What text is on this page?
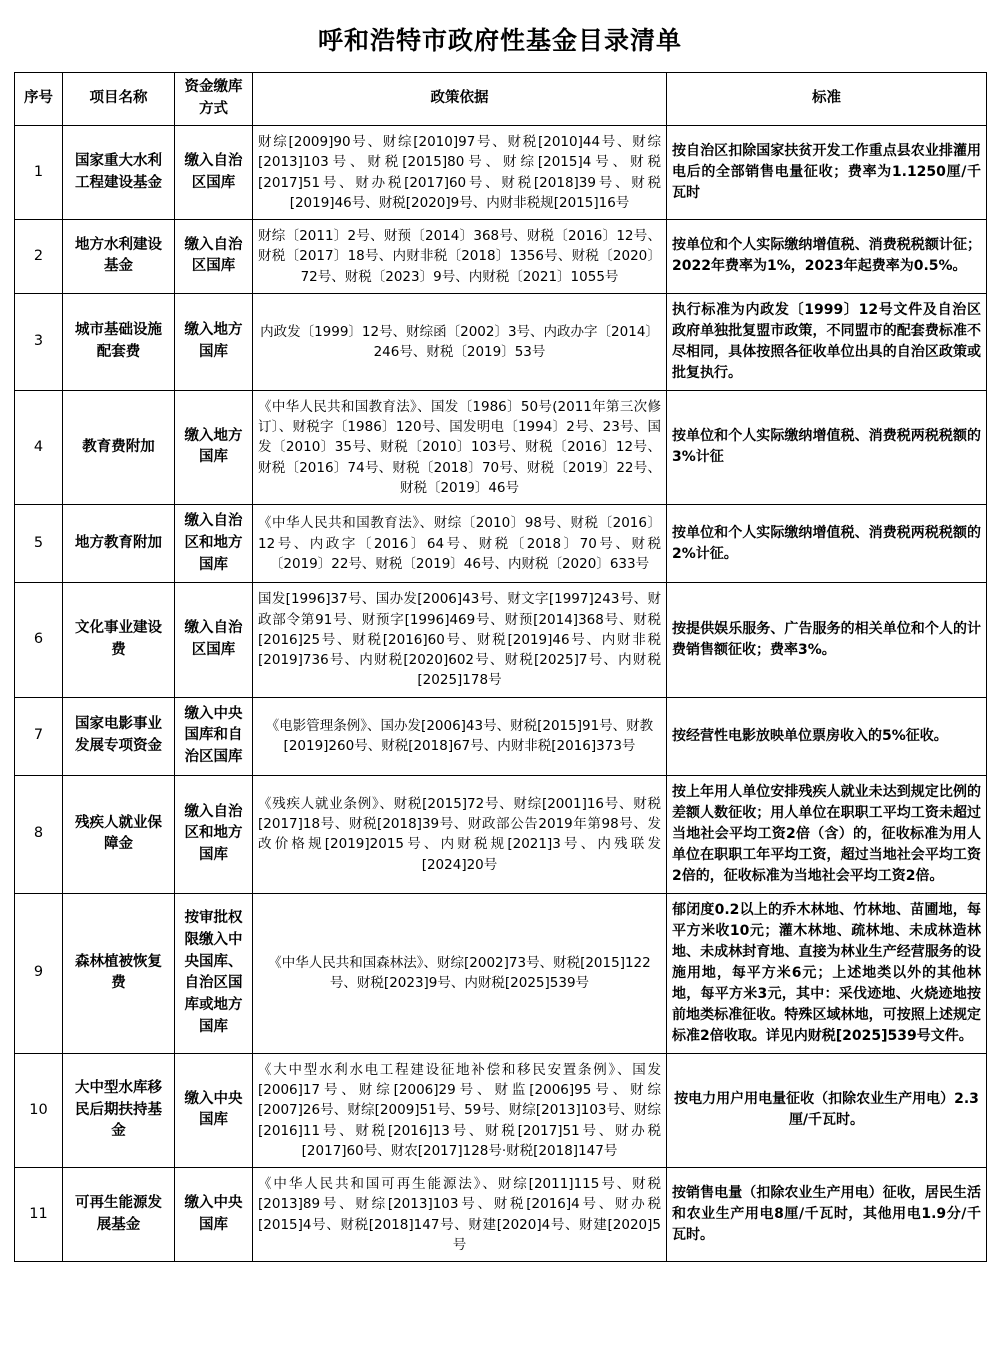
呼和浩特市政府性基金目录清单
序号	项目名称	资金缴库方式	政策依据	标准
1	国家重大水利工程建设基金	缴入自治区国库	财综[2009]90号、财综[2010]97号、财税[2010]44号、财综[2013]103号、财税[2015]80号、财综[2015]4号、财税[2017]51号、财办税[2017]60号、财税[2018]39号、财税[2019]46号、财税[2020]9号、内财非税规[2015]16号	按自治区扣除国家扶贫开发工作重点县农业排灌用电后的全部销售电量征收；费率为1.1250厘/千瓦时
2	地方水利建设基金	缴入自治区国库	财综〔2011〕2号、财预〔2014〕368号、财税〔2016〕12号、财税〔2017〕18号、内财非税〔2018〕1356号、财税〔2020〕72号、财税〔2023〕9号、内财税〔2021〕1055号	按单位和个人实际缴纳增值税、消费税税额计征；2022年费率为1%，2023年起费率为0.5%。
3	城市基础设施配套费	缴入地方国库	内政发〔1999〕12号、财综函〔2002〕3号、内政办字〔2014〕246号、财税〔2019〕53号	执行标准为内政发〔1999〕12号文件及自治区政府单独批复盟市政策，不同盟市的配套费标准不尽相同，具体按照各征收单位出具的自治区政策或批复执行。
4	教育费附加	缴入地方国库	《中华人民共和国教育法》、国发〔1986〕50号(2011年第三次修订〕、财税字〔1986〕120号、国发明电〔1994〕2号、23号、国发〔2010〕35号、财税〔2010〕103号、财税〔2016〕12号、财税〔2016〕74号、财税〔2018〕70号、财税〔2019〕22号、财税〔2019〕46号	按单位和个人实际缴纳增值税、消费税两税税额的3%计征
5	地方教育附加	缴入自治区和地方国库	《中华人民共和国教育法》、财综〔2010〕98号、财税〔2016〕12号、内政字〔2016〕64号、财税〔2018〕70号、财税〔2019〕22号、财税〔2019〕46号、内财税〔2020〕633号	按单位和个人实际缴纳增值税、消费税两税税额的2%计征。
6	文化事业建设费	缴入自治区国库	国发[1996]37号、国办发[2006]43号、财文字[1997]243号、财政部令第91号、财预字[1996]469号、财预[2014]368号、财税[2016]25号、财税[2016]60号、财税[2019]46号、内财非税[2019]736号、内财税[2020]602号、财税[2025]7号、内财税[2025]178号	按提供娱乐服务、广告服务的相关单位和个人的计费销售额征收；费率3%。
7	国家电影事业发展专项资金	缴入中央国库和自治区国库	《电影管理条例》、国办发[2006]43号、财税[2015]91号、财教[2019]260号、财税[2018]67号、内财非税[2016]373号	按经营性电影放映单位票房收入的5%征收。
8	残疾人就业保障金	缴入自治区和地方国库	《残疾人就业条例》、财税[2015]72号、财综[2001]16号、财税[2017]18号、财税[2018]39号、财政部公告2019年第98号、发改价格规[2019]2015号、内财税规[2021]3号、内残联发[2024]20号	按上年用人单位安排残疾人就业未达到规定比例的差额人数征收；用人单位在职职工平均工资未超过当地社会平均工资2倍（含）的，征收标准为用人单位在职职工年平均工资，超过当地社会平均工资2倍的，征收标准为当地社会平均工资2倍。
9	森林植被恢复费	按审批权限缴入中央国库、自治区国库或地方国库	《中华人民共和国森林法》、财综[2002]73号、财税[2015]122号、财税[2023]9号、内财税[2025]539号	郁闭度0.2以上的乔木林地、竹林地、苗圃地，每平方米收10元；灌木林地、疏林地、未成林造林地、未成林封育地、直接为林业生产经营服务的设施用地，每平方米6元；上述地类以外的其他林地，每平方米3元，其中：采伐迹地、火烧迹地按前地类标准征收。特殊区域林地，可按照上述规定标准2倍收取。详见内财税[2025]539号文件。
10	大中型水库移民后期扶持基金	缴入中央国库	《大中型水利水电工程建设征地补偿和移民安置条例》、国发[2006]17号、财综[2006]29号、财监[2006]95号、财综[2007]26号、财综[2009]51号、59号、财综[2013]103号、财综[2016]11号、财税[2016]13号、财税[2017]51号、财办税[2017]60号、财农[2017]128号·财税[2018]147号	按电力用户用电量征收（扣除农业生产用电）2.3 厘/千瓦时。
11	可再生能源发展基金	缴入中央国库	《中华人民共和国可再生能源法》、财综[2011]115号、财税[2013]89号、财综[2013]103号、财税[2016]4号、财办税[2015]4号、财税[2018]147号、财建[2020]4号、财建[2020]5号	按销售电量（扣除农业生产用电）征收，居民生活和农业生产用电8厘/千瓦时，其他用电1.9分/千瓦时。
